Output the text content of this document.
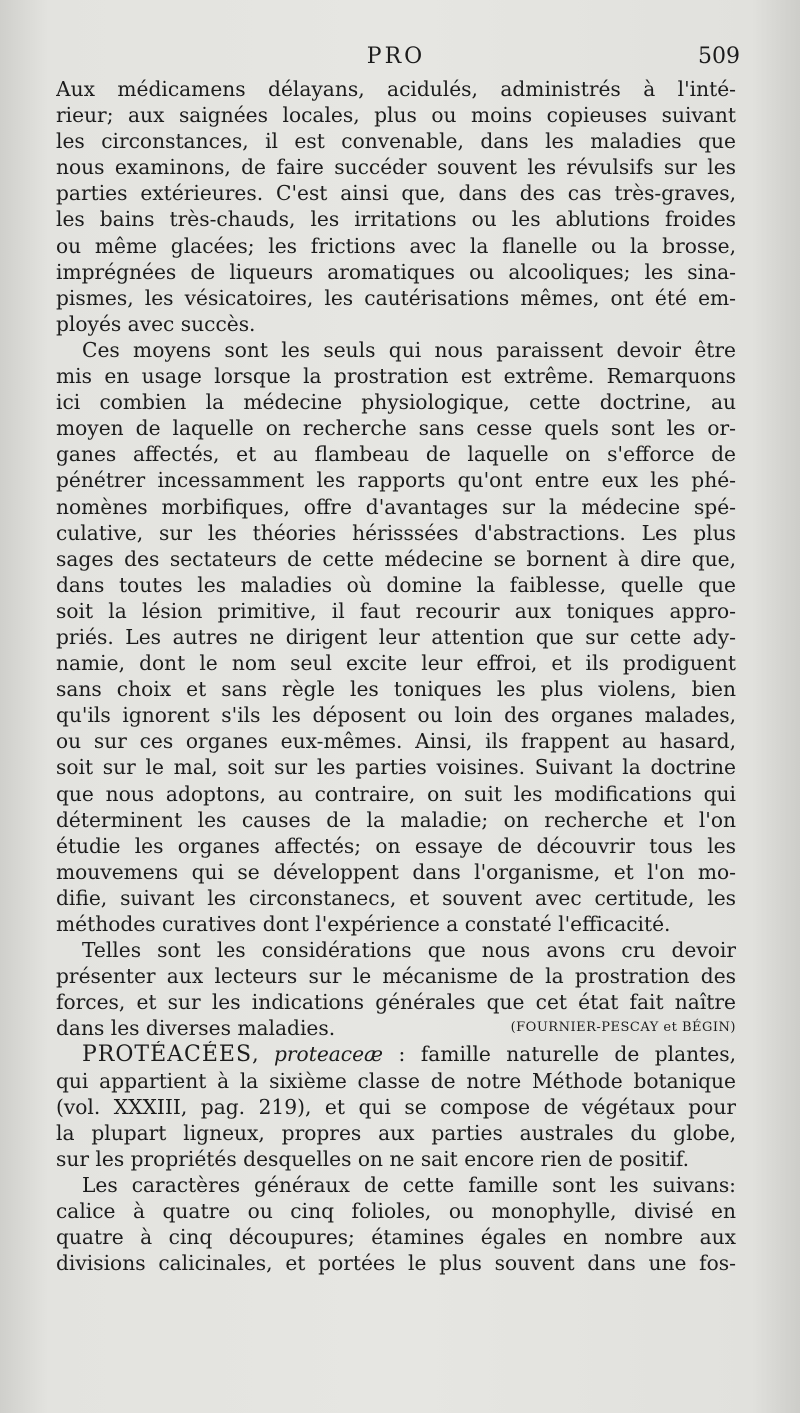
PRO	509
Aux médicamens délayans, acidulés, administrés à l'inté-
rieur; aux saignées locales, plus ou moins copieuses suivant
les circonstances, il est convenable, dans les maladies que
nous examinons, de faire succéder souvent les révulsifs sur les
parties extérieures. C'est ainsi que, dans des cas très-graves,
les bains très-chauds, les irritations ou les ablutions froides
ou même glacées; les frictions avec la flanelle ou la brosse,
imprégnées de liqueurs aromatiques ou alcooliques; les sina-
pismes, les vésicatoires, les cautérisations mêmes, ont été em-
ployés avec succès.
Ces moyens sont les seuls qui nous paraissent devoir être
mis en usage lorsque la prostration est extrême. Remarquons
ici combien la médecine physiologique, cette doctrine, au
moyen de laquelle on recherche sans cesse quels sont les or-
ganes affectés, et au flambeau de laquelle on s'efforce de
pénétrer incessamment les rapports qu'ont entre eux les phé-
nomènes morbifiques, offre d'avantages sur la médecine spé-
culative, sur les théories hérisssées d'abstractions. Les plus
sages des sectateurs de cette médecine se bornent à dire que,
dans toutes les maladies où domine la faiblesse, quelle que
soit la lésion primitive, il faut recourir aux toniques appro-
priés. Les autres ne dirigent leur attention que sur cette ady-
namie, dont le nom seul excite leur effroi, et ils prodiguent
sans choix et sans règle les toniques les plus violens, bien
qu'ils ignorent s'ils les déposent ou loin des organes malades,
ou sur ces organes eux-mêmes. Ainsi, ils frappent au hasard,
soit sur le mal, soit sur les parties voisines. Suivant la doctrine
que nous adoptons, au contraire, on suit les modifications qui
déterminent les causes de la maladie; on recherche et l'on
étudie les organes affectés; on essaye de découvrir tous les
mouvemens qui se développent dans l'organisme, et l'on mo-
difie, suivant les circonstanecs, et souvent avec certitude, les
méthodes curatives dont l'expérience a constaté l'efficacité.
Telles sont les considérations que nous avons cru devoir
présenter aux lecteurs sur le mécanisme de la prostration des
forces, et sur les indications générales que cet état fait naître
dans les diverses maladies.	(FOURNIER-PESCAY et BÉGIN)
PROTÉACÉES, proteaceæ : famille naturelle de plantes,
qui appartient à la sixième classe de notre Méthode botanique
(vol. XXXIII, pag. 219), et qui se compose de végétaux pour
la plupart ligneux, propres aux parties australes du globe,
sur les propriétés desquelles on ne sait encore rien de positif.
Les caractères généraux de cette famille sont les suivans:
calice à quatre ou cinq folioles, ou monophylle, divisé en
quatre à cinq découpures; étamines égales en nombre aux
divisions calicinales, et portées le plus souvent dans une fos-
